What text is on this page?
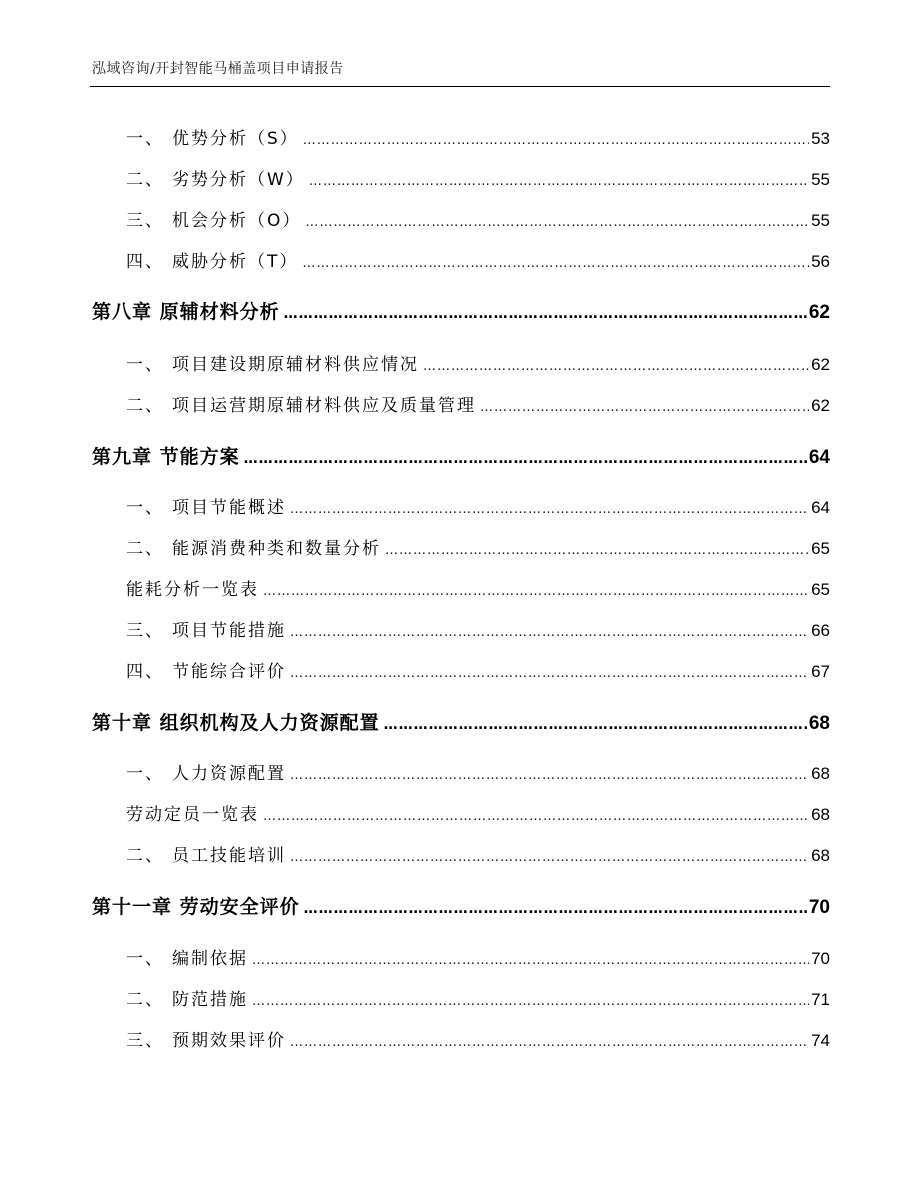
泓域咨询/开封智能马桶盖项目申请报告
一、 优势分析（S） ………………………………………………………………………………………………………………………………………………………………………………………………	53
二、 劣势分析（W） ………………………………………………………………………………………………………………………………………………………………………………………………	55
三、 机会分析（O） ………………………………………………………………………………………………………………………………………………………………………………………………	55
四、 威胁分析（T） ………………………………………………………………………………………………………………………………………………………………………………………………	56
第八章 原辅材料分析 ………………………………………………………………………………………………………………………………………………………………………………………………	62
一、 项目建设期原辅材料供应情况 ………………………………………………………………………………………………………………………………………………………………………………………………	62
二、 项目运营期原辅材料供应及质量管理 ………………………………………………………………………………………………………………………………………………………………………………………………	62
第九章 节能方案 ………………………………………………………………………………………………………………………………………………………………………………………………	64
一、 项目节能概述 ………………………………………………………………………………………………………………………………………………………………………………………………	64
二、 能源消费种类和数量分析 ………………………………………………………………………………………………………………………………………………………………………………………………	65
能耗分析一览表 ………………………………………………………………………………………………………………………………………………………………………………………………	65
三、 项目节能措施 ………………………………………………………………………………………………………………………………………………………………………………………………	66
四、 节能综合评价 ………………………………………………………………………………………………………………………………………………………………………………………………	67
第十章 组织机构及人力资源配置 ………………………………………………………………………………………………………………………………………………………………………………………………	68
一、 人力资源配置 ………………………………………………………………………………………………………………………………………………………………………………………………	68
劳动定员一览表 ………………………………………………………………………………………………………………………………………………………………………………………………	68
二、 员工技能培训 ………………………………………………………………………………………………………………………………………………………………………………………………	68
第十一章 劳动安全评价 ………………………………………………………………………………………………………………………………………………………………………………………………	70
一、 编制依据 ………………………………………………………………………………………………………………………………………………………………………………………………	70
二、 防范措施 ………………………………………………………………………………………………………………………………………………………………………………………………	71
三、 预期效果评价 ………………………………………………………………………………………………………………………………………………………………………………………………	74
